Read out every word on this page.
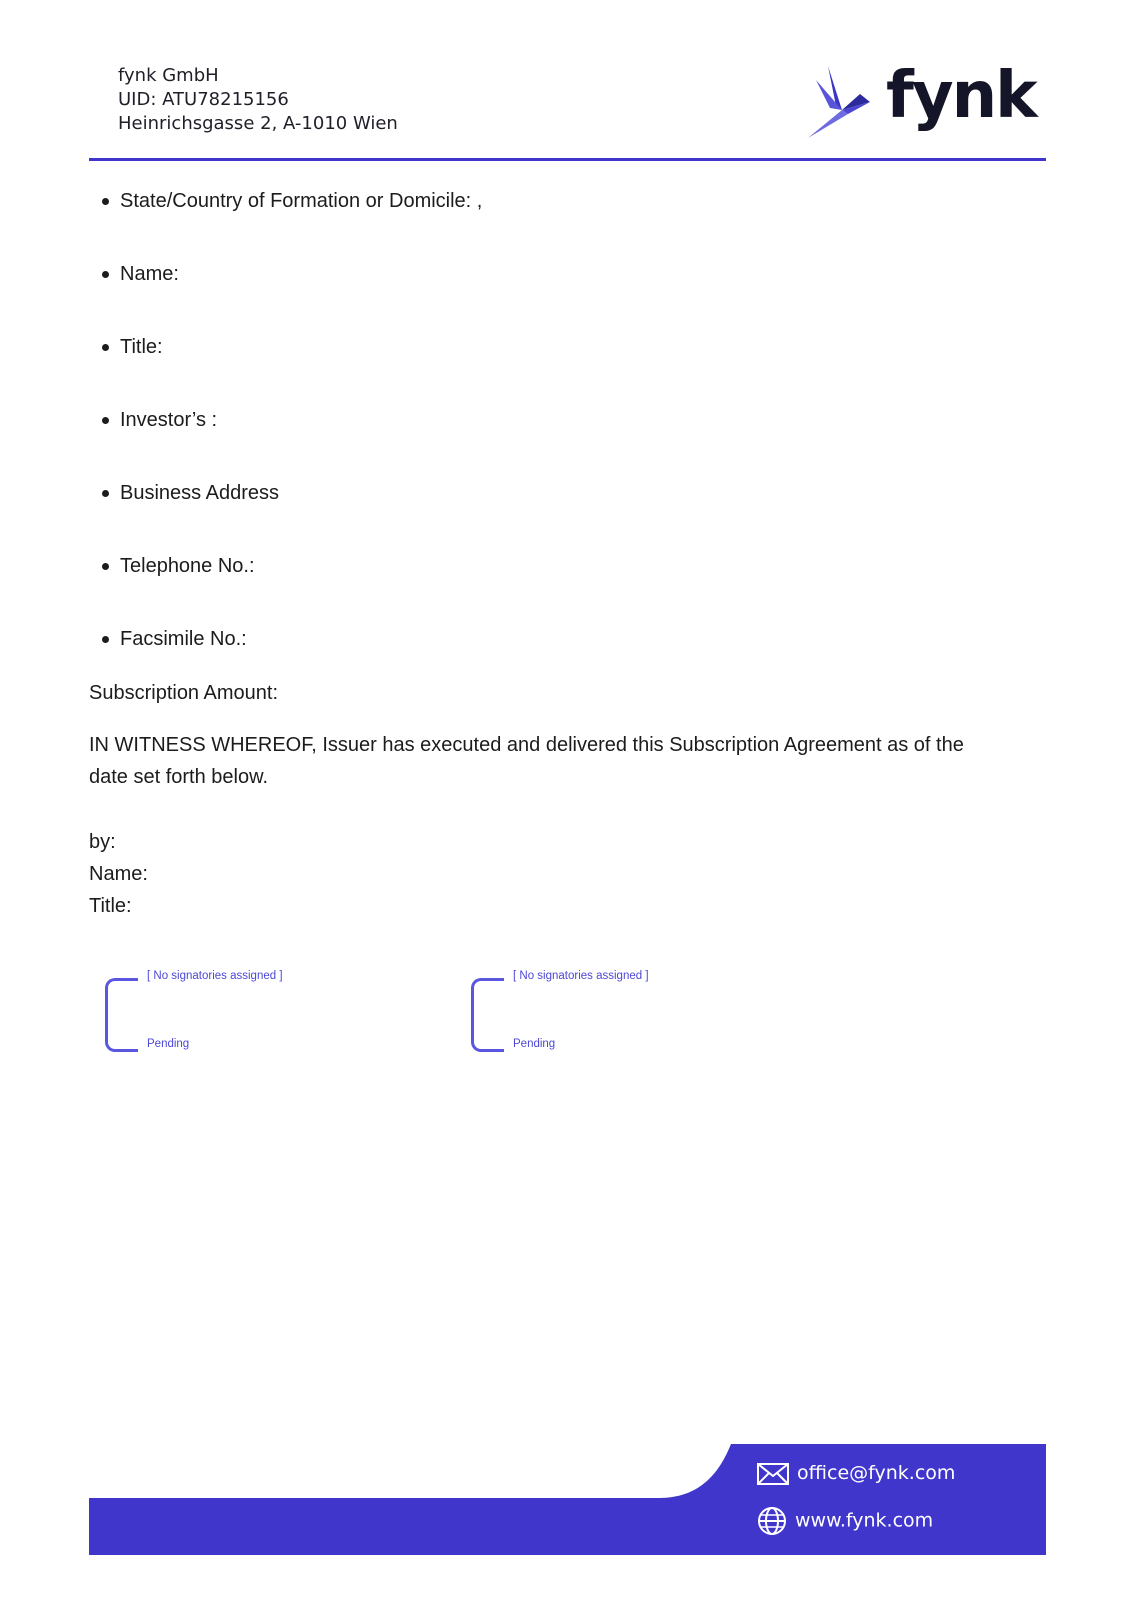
fynk GmbH
UID: ATU78215156
Heinrichsgasse 2, A-1010 Wien	fynk
State/Country of Formation or Domicile: ,
Name:
Title:
Investor’s :
Business Address
Telephone No.:
Facsimile No.:
Subscription Amount:
IN WITNESS WHEREOF, Issuer has executed and delivered this Subscription Agreement as of the
date set forth below.
by:
Name:
Title:
[ No signatories assigned ]
Pending
[ No signatories assigned ]
Pending
office@fynk.com
www.fynk.com
